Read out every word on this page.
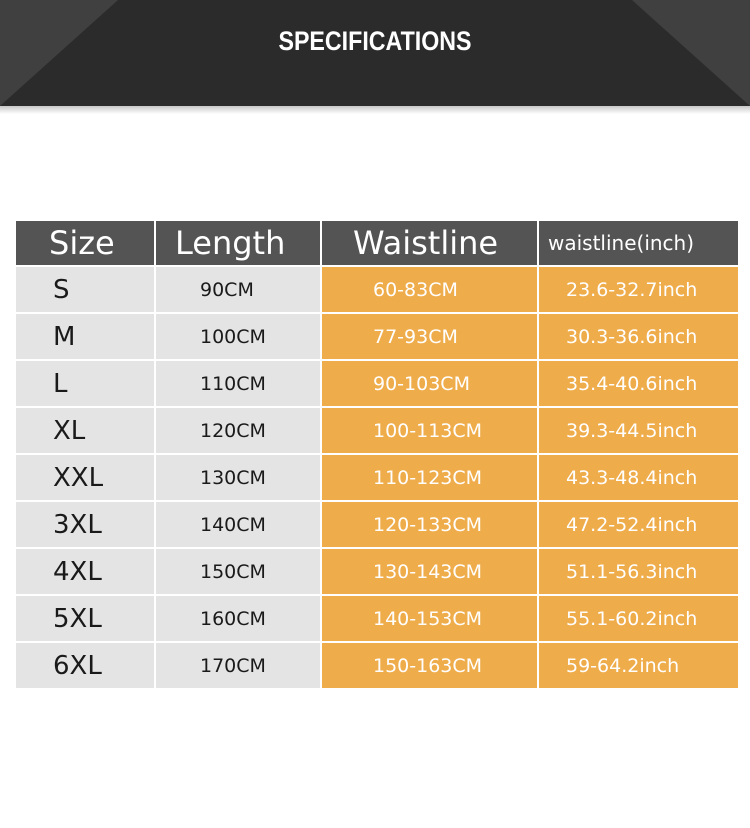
SPECIFICATIONS
Size	Length	Waistline	waistline(inch)
S	90CM	60-83CM	23.6-32.7inch
M	100CM	77-93CM	30.3-36.6inch
L	110CM	90-103CM	35.4-40.6inch
XL	120CM	100-113CM	39.3-44.5inch
XXL	130CM	110-123CM	43.3-48.4inch
3XL	140CM	120-133CM	47.2-52.4inch
4XL	150CM	130-143CM	51.1-56.3inch
5XL	160CM	140-153CM	55.1-60.2inch
6XL	170CM	150-163CM	59-64.2inch
